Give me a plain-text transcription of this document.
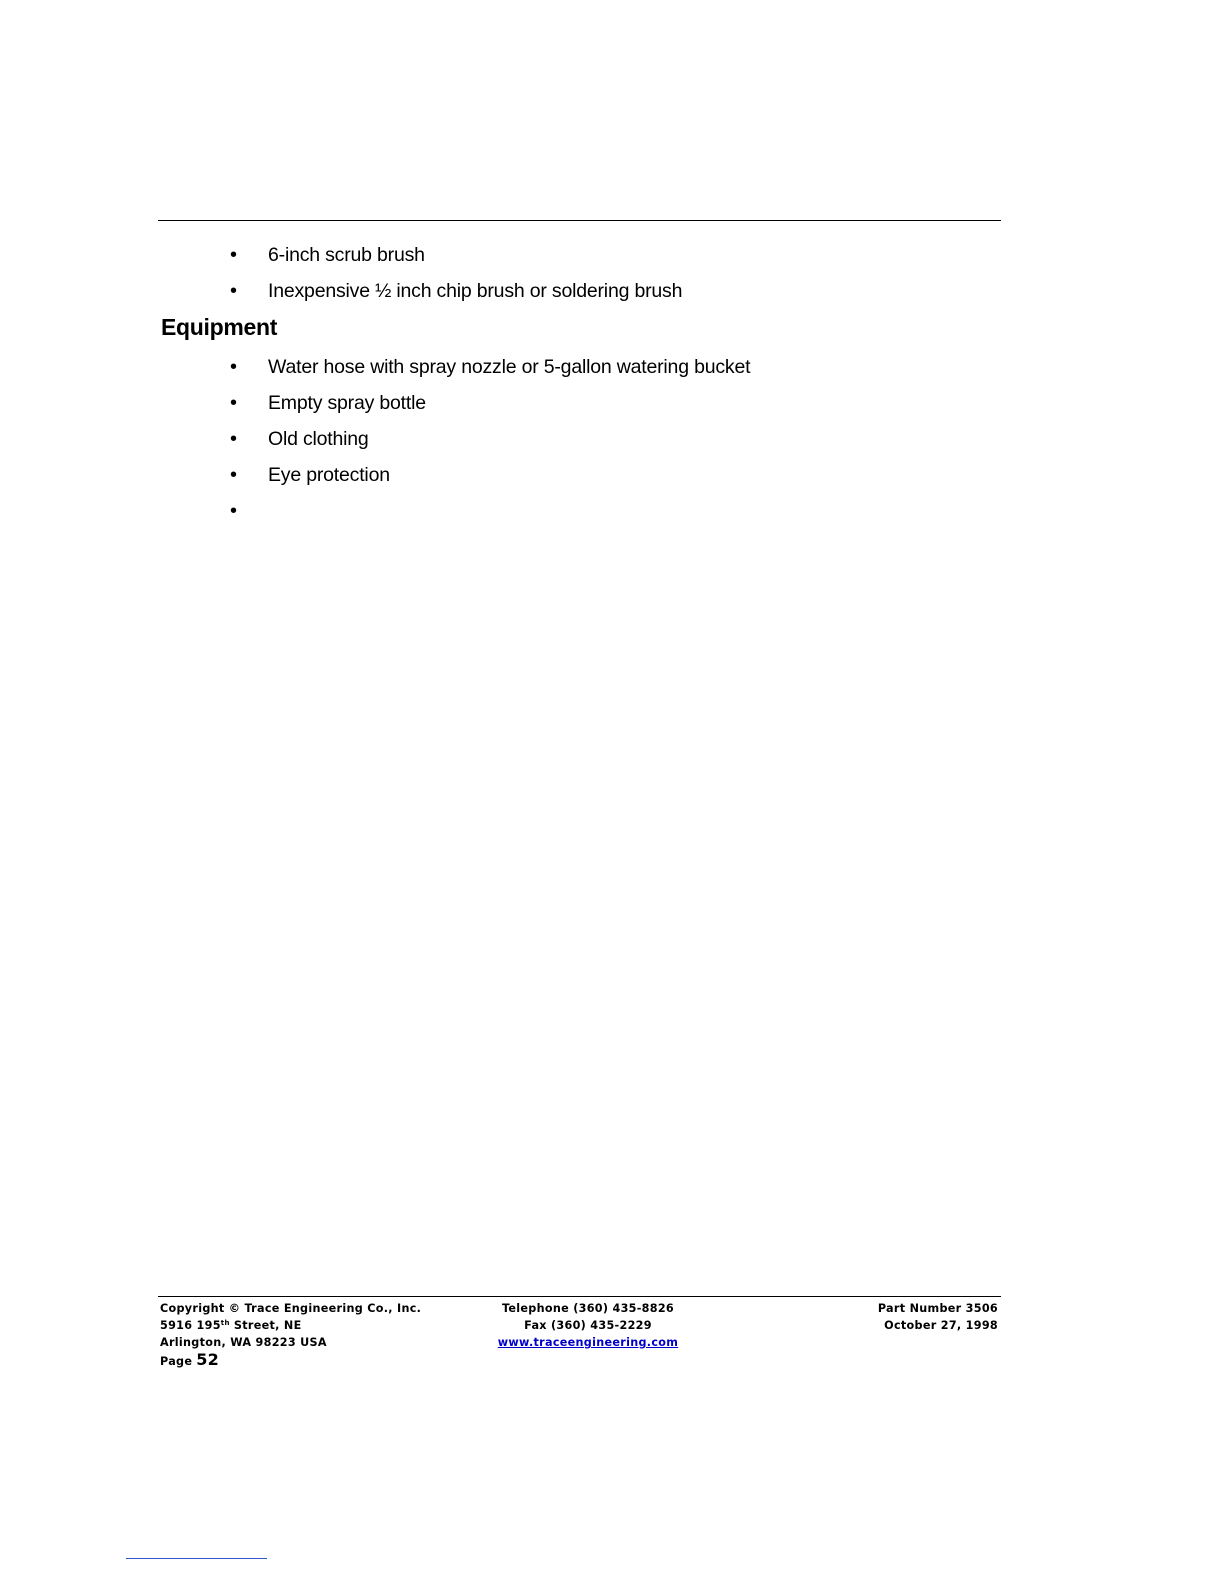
• 6-inch scrub brush
• Inexpensive ½ inch chip brush or soldering brush
Equipment
• Water hose with spray nozzle or 5-gallon watering bucket
• Empty spray bottle
• Old clothing
• Eye protection
•
Copyright © Trace Engineering Co., Inc.
5916 195th Street, NE
Arlington, WA 98223 USA
Page 52
Telephone (360) 435-8826
Fax (360) 435-2229
www.traceengineering.com
Part Number 3506
October 27, 1998
